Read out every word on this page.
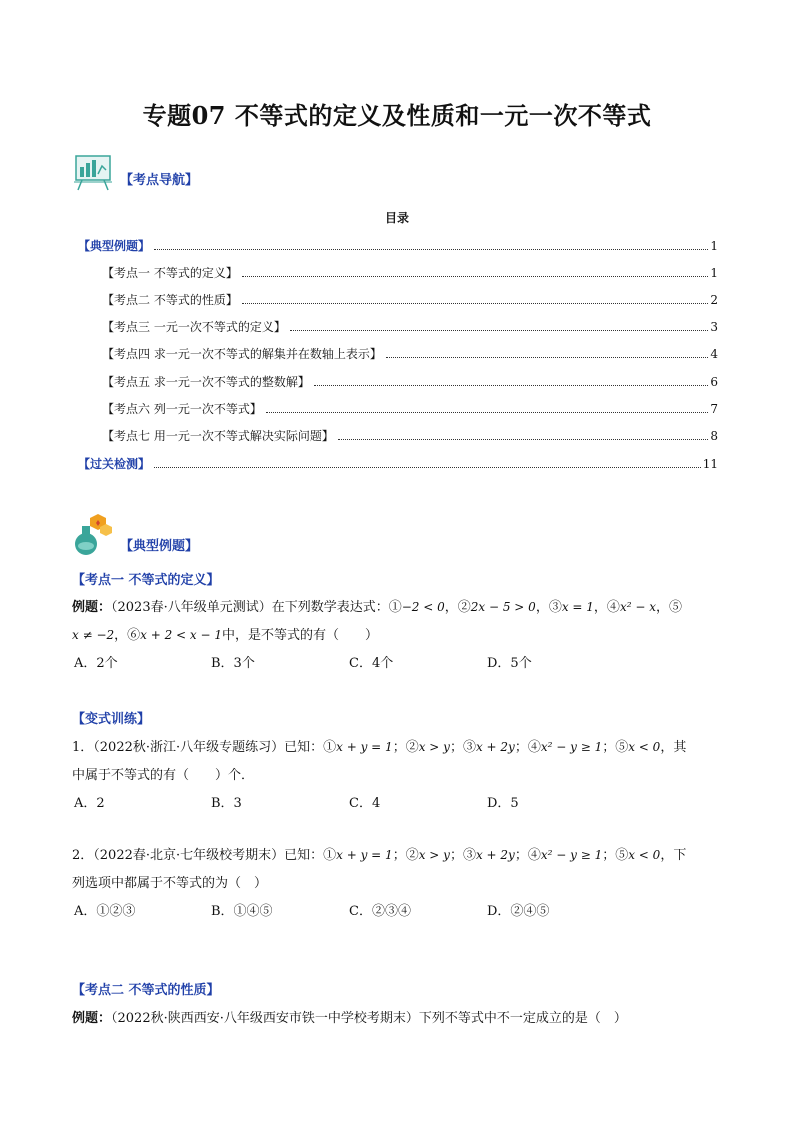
专题07 不等式的定义及性质和一元一次不等式
【考点导航】
目录
【典型例题】	1
【考点一 不等式的定义】	1
【考点二 不等式的性质】	2
【考点三 一元一次不等式的定义】	3
【考点四 求一元一次不等式的解集并在数轴上表示】	4
【考点五 求一元一次不等式的整数解】	6
【考点六 列一元一次不等式】	7
【考点七 用一元一次不等式解决实际问题】	8
【过关检测】	11
【典型例题】
【考点一 不等式的定义】
例题：（2023春·八年级单元测试）在下列数学表达式：①−2 < 0，②2x − 5 > 0，③x = 1，④x² − x，⑤
x ≠ −2，⑥x + 2 < x − 1中，是不等式的有（　　）
A．2个	B．3个	C．4个	D．5个
【变式训练】
1．（2022秋·浙江·八年级专题练习）已知：①x + y = 1；②x > y；③x + 2y；④x² − y ≥ 1；⑤x < 0，其
中属于不等式的有（　　）个．
A．2	B．3	C．4	D．5
2．（2022春·北京·七年级校考期末）已知：①x + y = 1；②x > y；③x + 2y；④x² − y ≥ 1；⑤x < 0，下
列选项中都属于不等式的为（　）
A．①②③	B．①④⑤	C．②③④	D．②④⑤
【考点二 不等式的性质】
例题：（2022秋·陕西西安·八年级西安市铁一中学校考期末）下列不等式中不一定成立的是（　）
